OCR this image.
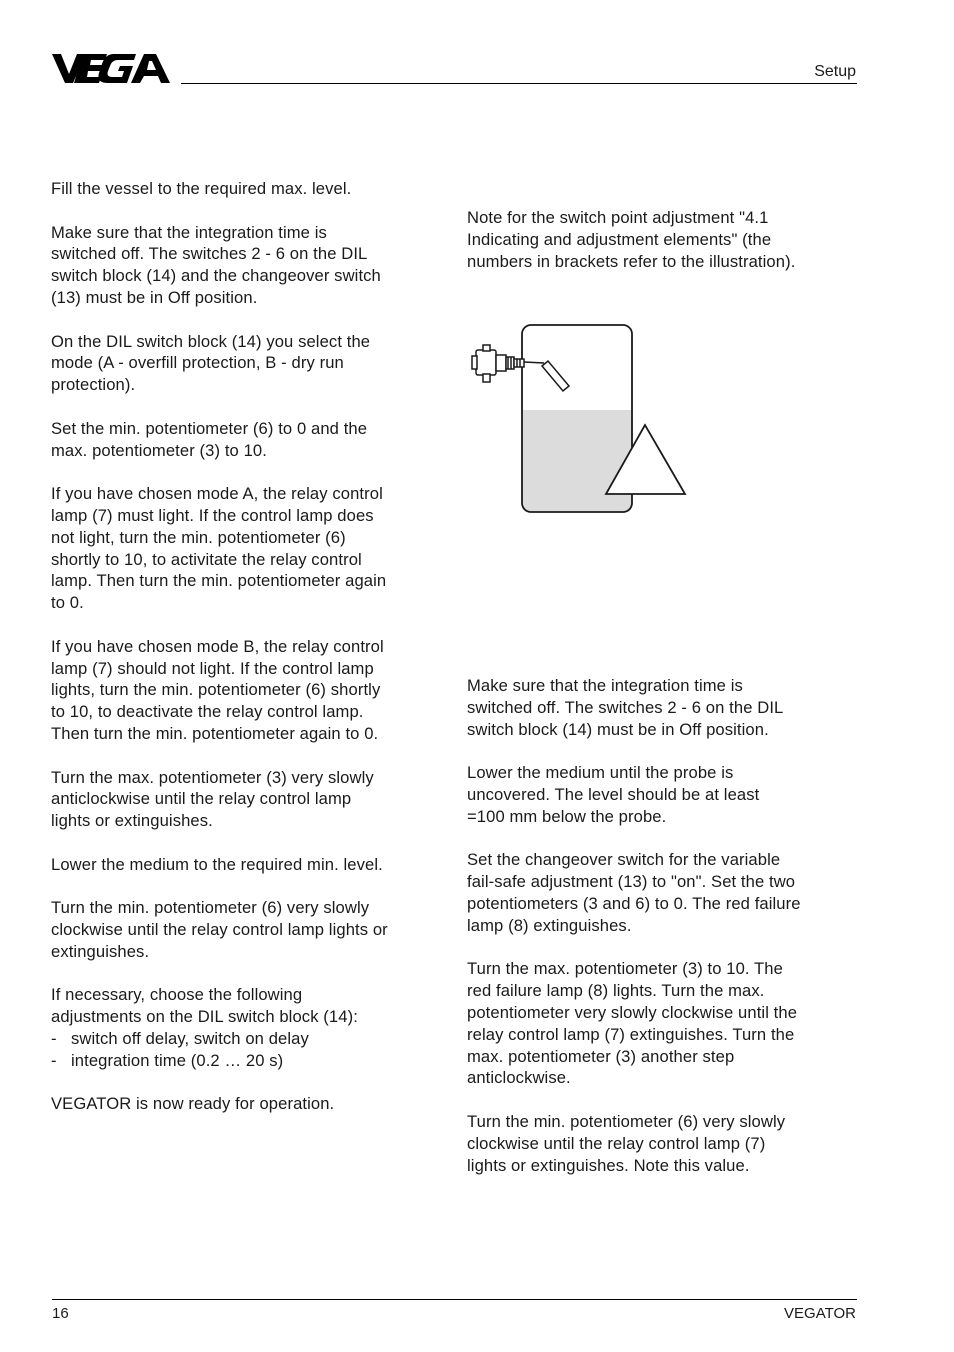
Setup

Fill the vessel to the required max. level.

Make sure that the integration time is
switched off. The switches 2 - 6 on the DIL
switch block (14) and the changeover switch
(13) must be in Off position.

On the DIL switch block (14) you select the
mode (A - overfill protection, B - dry run
protection).

Set the min. potentiometer (6) to 0 and the
max. potentiometer (3) to 10.

If you have chosen mode A, the relay control
lamp (7) must light. If the control lamp does
not light, turn the min. potentiometer (6)
shortly to 10, to activitate the relay control
lamp. Then turn the min. potentiometer again
to 0.

If you have chosen mode B, the relay control
lamp (7) should not light. If the control lamp
lights, turn the min. potentiometer (6) shortly
to 10, to deactivate the relay control lamp.
Then turn the min. potentiometer again to 0.

Turn the max. potentiometer (3) very slowly
anticlockwise until the relay control lamp
lights or extinguishes.

Lower the medium to the required min. level.

Turn the min. potentiometer (6) very slowly
clockwise until the relay control lamp lights or
extinguishes.

If necessary, choose the following
adjustments on the DIL switch block (14):

- switch off delay, switch on delay
- integration time (0.2 … 20 s)

VEGATOR is now ready for operation.

Note for the switch point adjustment "4.1
Indicating and adjustment elements" (the
numbers in brackets refer to the illustration).

Make sure that the integration time is
switched off. The switches 2 - 6 on the DIL
switch block (14) must be in Off position.

Lower the medium until the probe is
uncovered. The level should be at least
=100 mm below the probe.

Set the changeover switch for the variable
fail-safe adjustment (13) to "on". Set the two
potentiometers (3 and 6) to 0. The red failure
lamp (8) extinguishes.

Turn the max. potentiometer (3) to 10. The
red failure lamp (8) lights. Turn the max.
potentiometer very slowly clockwise until the
relay control lamp (7) extinguishes. Turn the
max. potentiometer (3) another step
anticlockwise.

Turn the min. potentiometer (6) very slowly
clockwise until the relay control lamp (7)
lights or extinguishes. Note this value.

16	VEGATOR
